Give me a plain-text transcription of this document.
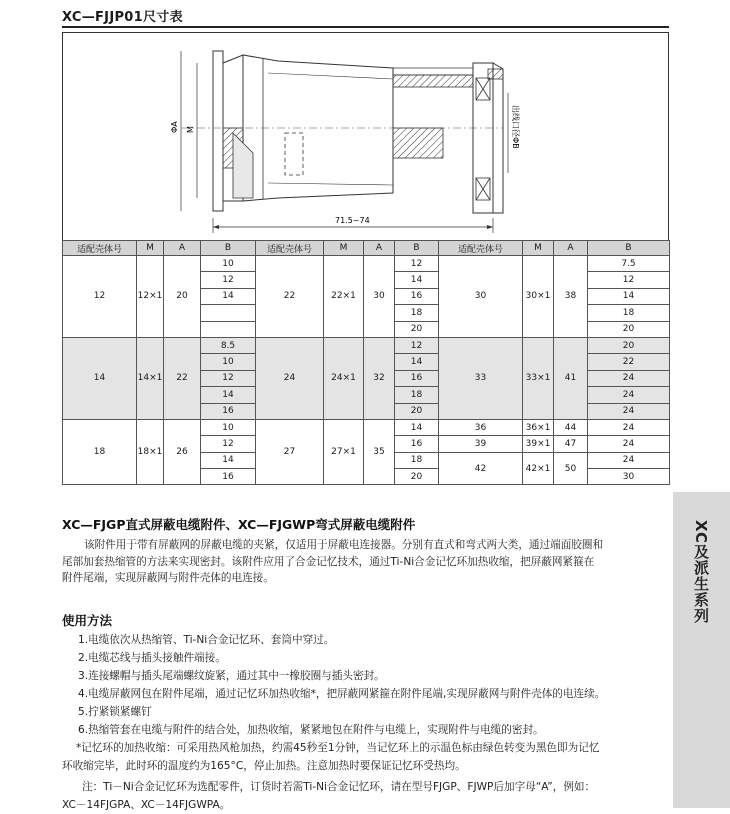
XC—FJJP01尺寸表
ΦA M	出线口径ΦB
71.5~74
适配壳体号	M	A	B	适配壳体号	M	A	B	适配壳体号	M	A	B
12	12×1	20	10	22	22×1	30	12	30	30×1	38	7.5
			12				14				12
			14				16				14
							18				18
							20				20
14	14×1	22	8.5	24	24×1	32	12	33	33×1	41	20
			10				14				22
			12				16				24
			14				18				24
			16				20				24
18	18×1	26	10	27	27×1	35	14	36	36×1	44	24
			12				16	39	39×1	47	24
			14				18	42	42×1	50	24
			16				20				30
XC及派生系列
XC—FJGP直式屏蔽电缆附件、XC—FJGWP弯式屏蔽电缆附件
该附件用于带有屏蔽网的屏蔽电缆的夹紧，仅适用于屏蔽电连接器。分别有直式和弯式两大类，通过端面胶圈和
尾部加套热缩管的方法来实现密封。该附件应用了合金记忆技术，通过Ti-Ni合金记忆环加热收缩，把屏蔽网紧箍在
附件尾端，实现屏蔽网与附件壳体的电连接。
使用方法
1.电缆依次从热缩管、Ti-Ni合金记忆环、套筒中穿过。
2.电缆芯线与插头接触件端接。
3.连接螺帽与插头尾端螺纹旋紧，通过其中一橡胶圈与插头密封。
4.电缆屏蔽网包在附件尾端，通过记忆环加热收缩*，把屏蔽网紧箍在附件尾端,实现屏蔽网与附件壳体的电连续。
5.拧紧锁紧螺钉
6.热缩管套在电缆与附件的结合处，加热收缩，紧紧地包在附件与电缆上，实现附件与电缆的密封。
*记忆环的加热收缩：可采用热风枪加热，约需45秒至1分钟，当记忆环上的示温色标由绿色转变为黑色即为记忆
环收缩完毕，此时环的温度约为165°C，停止加热。注意加热时要保证记忆环受热均。
注：Ti－Ni合金记忆环为选配零件，订货时若需Ti-Ni合金记忆环，请在型号FJGP、FJWP后加字母“A”，例如：
XC－14FJGPA、XC－14FJGWPA。
